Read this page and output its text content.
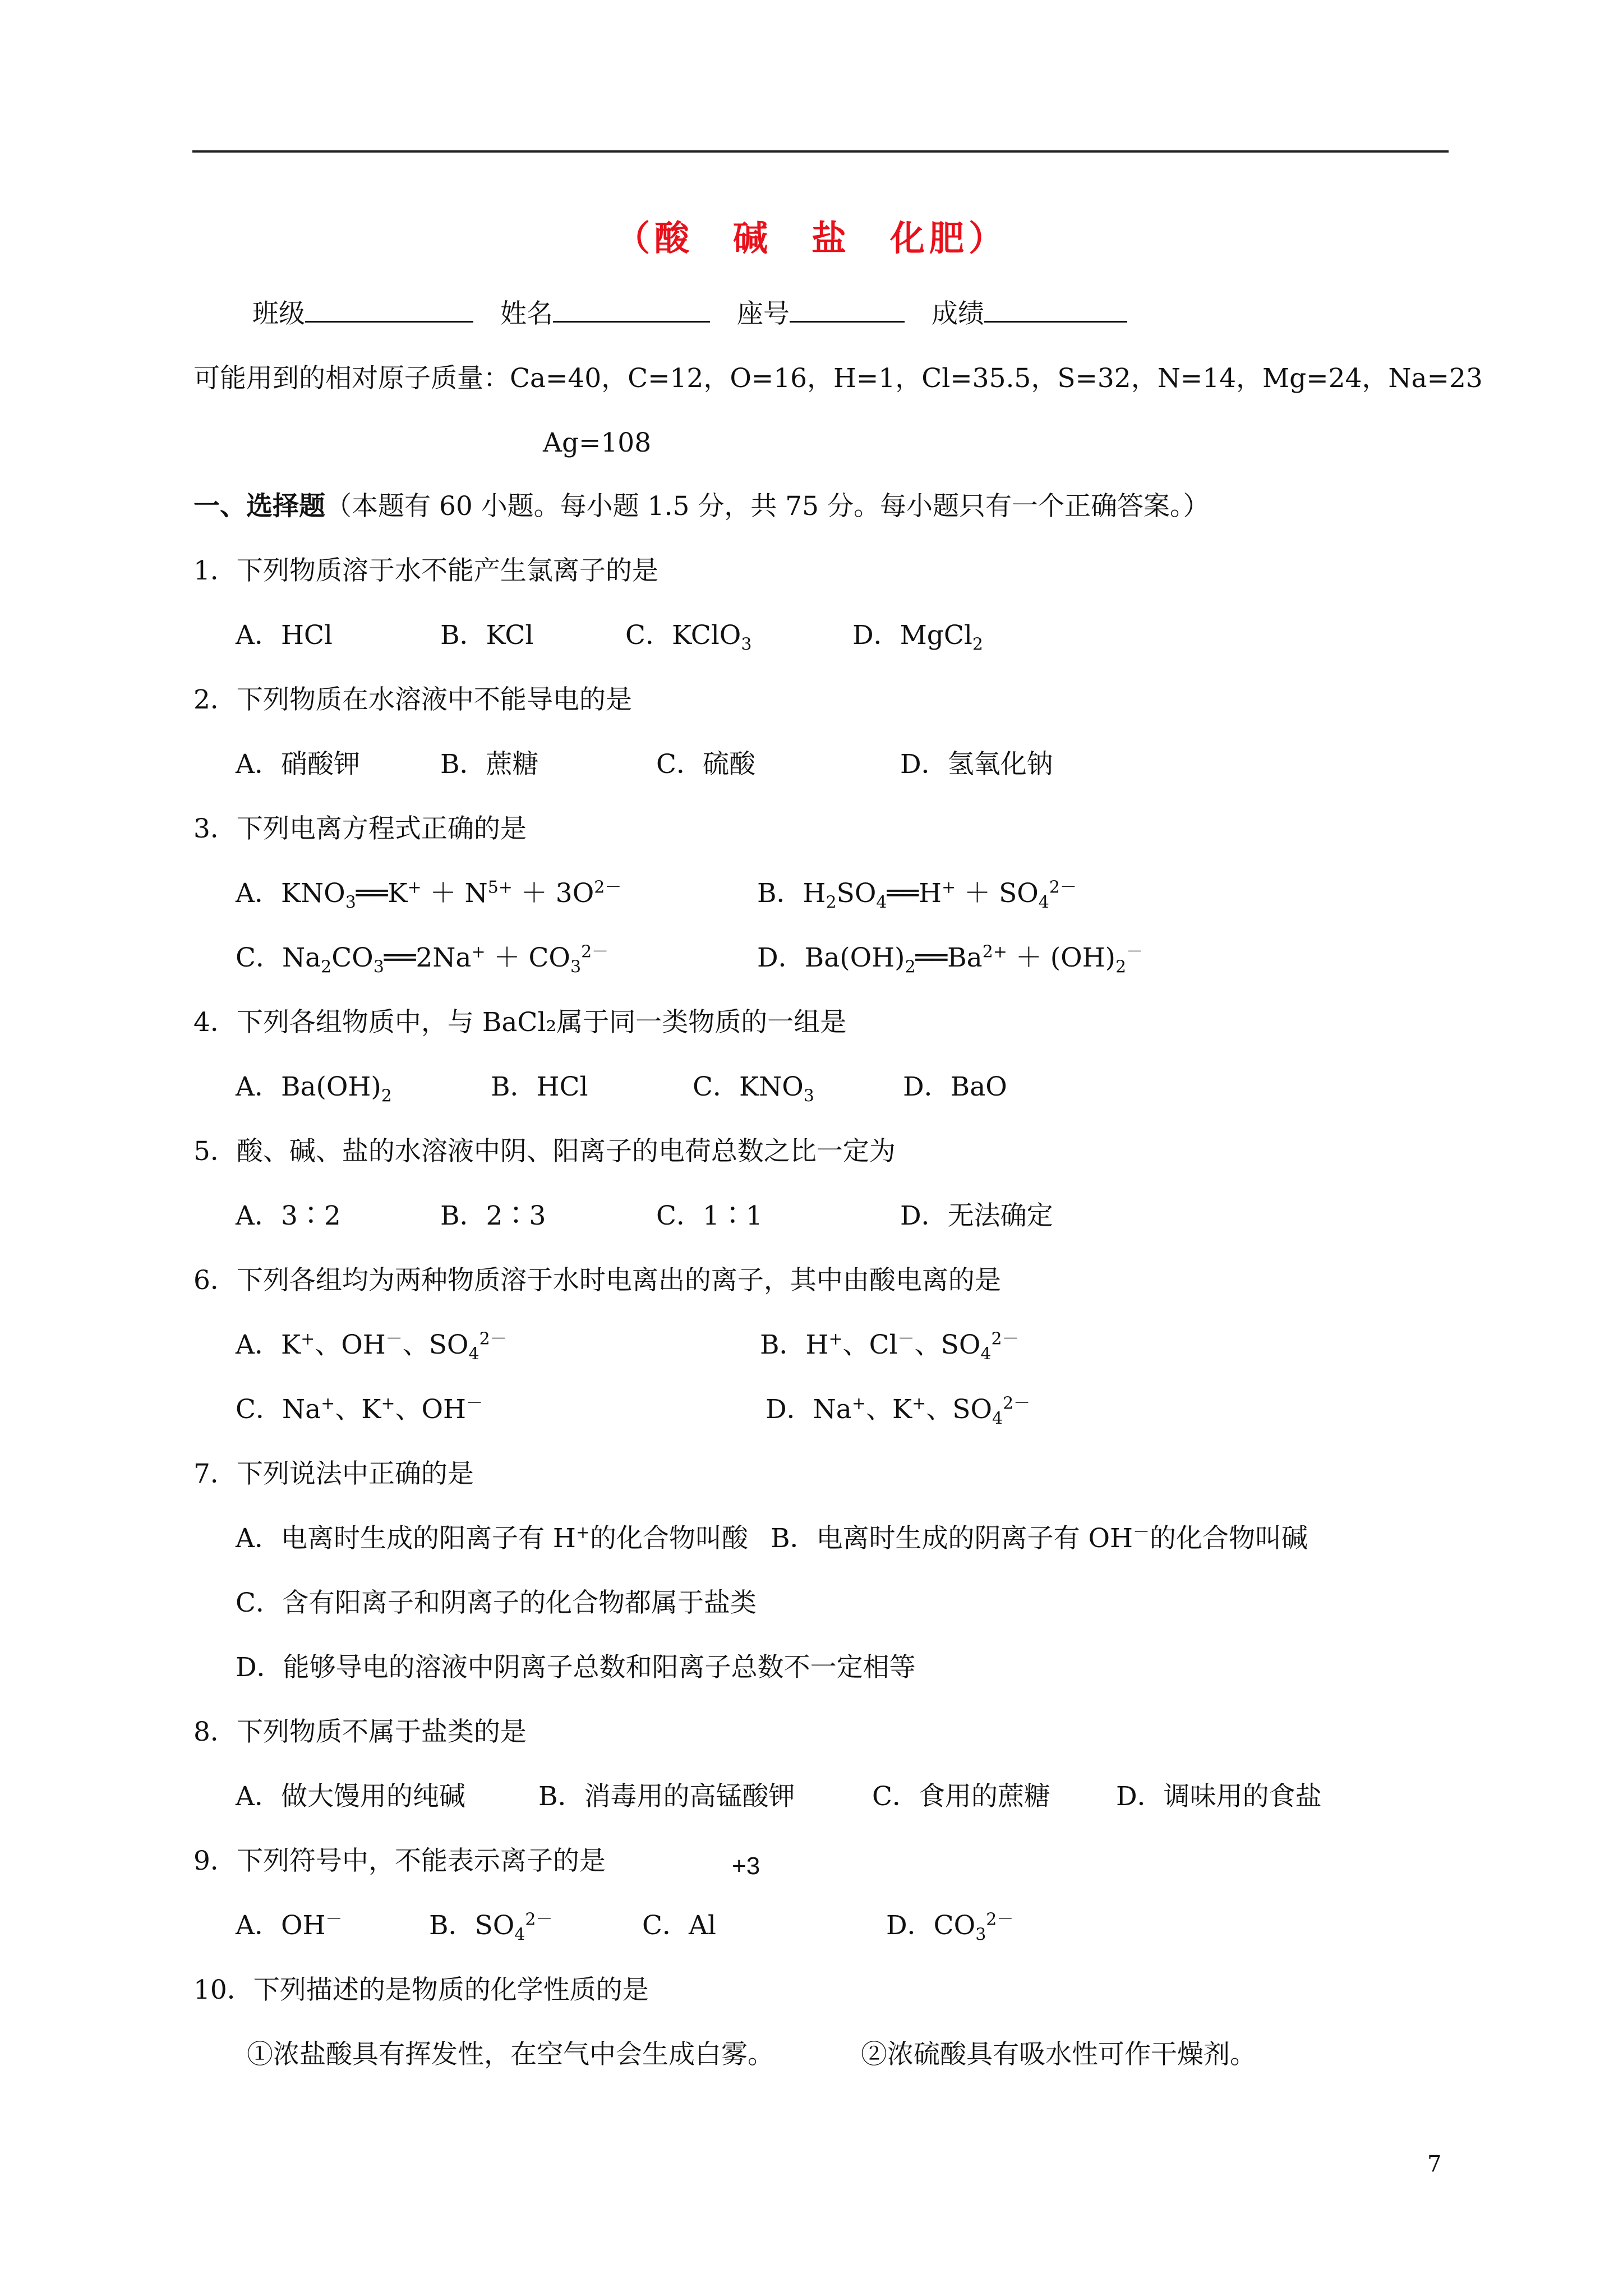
（酸　碱　盐　化肥）
班级	姓名	座号	成绩
可能用到的相对原子质量：Ca=40，C=12，O=16，H=1，Cl=35.5，S=32，N=14，Mg=24，Na=23
Ag=108
一、选择题（本题有 60 小题。每小题 1.5 分，共 75 分。每小题只有一个正确答案。）
1．下列物质溶于水不能产生氯离子的是
A．HCl	B．KCl	C．KClO$_3$	D．MgCl$_2$
2．下列物质在水溶液中不能导电的是
A．硝酸钾	B．蔗糖	C．硫酸	D．氢氧化钠
3．下列电离方程式正确的是
A．$KNO_3══K^+ + N^{5+} + 3O^{2-}$	B．$H_2SO_4══H^+ + SO_4^{2-}$
C．$Na_2CO_3══2Na^+ + CO_3^{2-}$	D．$Ba(OH)_2══Ba^{2+} + (OH)_2^-$
4．下列各组物质中，与 BaCl₂属于同一类物质的一组是
A．$Ba(OH)_2$	B．HCl	C．$KNO_3$	D．BaO
5．酸、碱、盐的水溶液中阴、阳离子的电荷总数之比一定为
A．3∶2	B．2∶3	C．1∶1	D．无法确定
6．下列各组均为两种物质溶于水时电离出的离子，其中由酸电离的是
A．K+、OH－、$SO_4^{2-}$	B．H+、Cl－、$SO_4^{2-}$
C．Na+、K+、OH－	D．Na+、K+、$SO_4^{2-}$
7．下列说法中正确的是
A．电离时生成的阳离子有 H+的化合物叫酸 B．电离时生成的阴离子有 OH－的化合物叫碱
C．含有阳离子和阴离子的化合物都属于盐类
D．能够导电的溶液中阴离子总数和阳离子总数不一定相等
8．下列物质不属于盐类的是
A．做大馒用的纯碱	B．消毒用的高锰酸钾	C．食用的蔗糖 D．调味用的食盐
9．下列符号中，不能表示离子的是	+3
A．OH－	B．$SO_4^{2-}$	C．Al	D．$CO_3^{2-}$
10．下列描述的是物质的化学性质的是
①浓盐酸具有挥发性，在空气中会生成白雾。	②浓硫酸具有吸水性可作干燥剂。
7
